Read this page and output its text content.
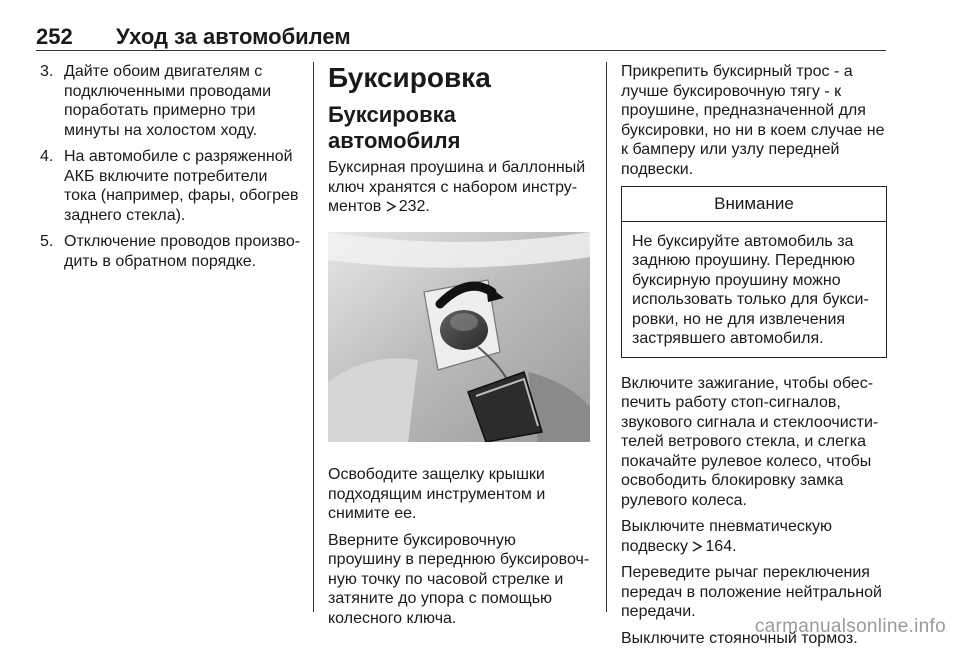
252 Уход за автомобилем
3. Дайте обоим двигателям с подключенными проводами поработать примерно три минуты на холостом ходу.
4. На автомобиле с разряженной АКБ включите потребители тока (например, фары, обогрев заднего стекла).
5. Отключение проводов произво-дить в обратном порядке.
Буксировка
Буксировка автомобиля

Буксирная проушина и баллонный ключ хранятся с набором инстру-ментов 232.

Освободите защелку крышки подходящим инструментом и снимите ее.

Вверните буксировочную проушину в переднюю буксировоч-ную точку по часовой стрелке и затяните до упора с помощью колесного ключа.

Прикрепить буксирный трос - а лучше буксировочную тягу - к проушине, предназначенной для буксировки, но ни в коем случае не к бамперу или узлу передней подвески.

Внимание
Не буксируйте автомобиль за заднюю проушину. Переднюю буксирную проушину можно использовать только для букси-ровки, но не для извлечения застрявшего автомобиля.

Включите зажигание, чтобы обес-печить работу стоп-сигналов, звукового сигнала и стеклоочисти-телей ветрового стекла, и слегка покачайте рулевое колесо, чтобы освободить блокировку замка рулевого колеса.

Выключите пневматическую подвеску 164.

Переведите рычаг переключения передач в положение нейтральной передачи.

Выключите стояночный тормоз.

carmanualsonline.info
